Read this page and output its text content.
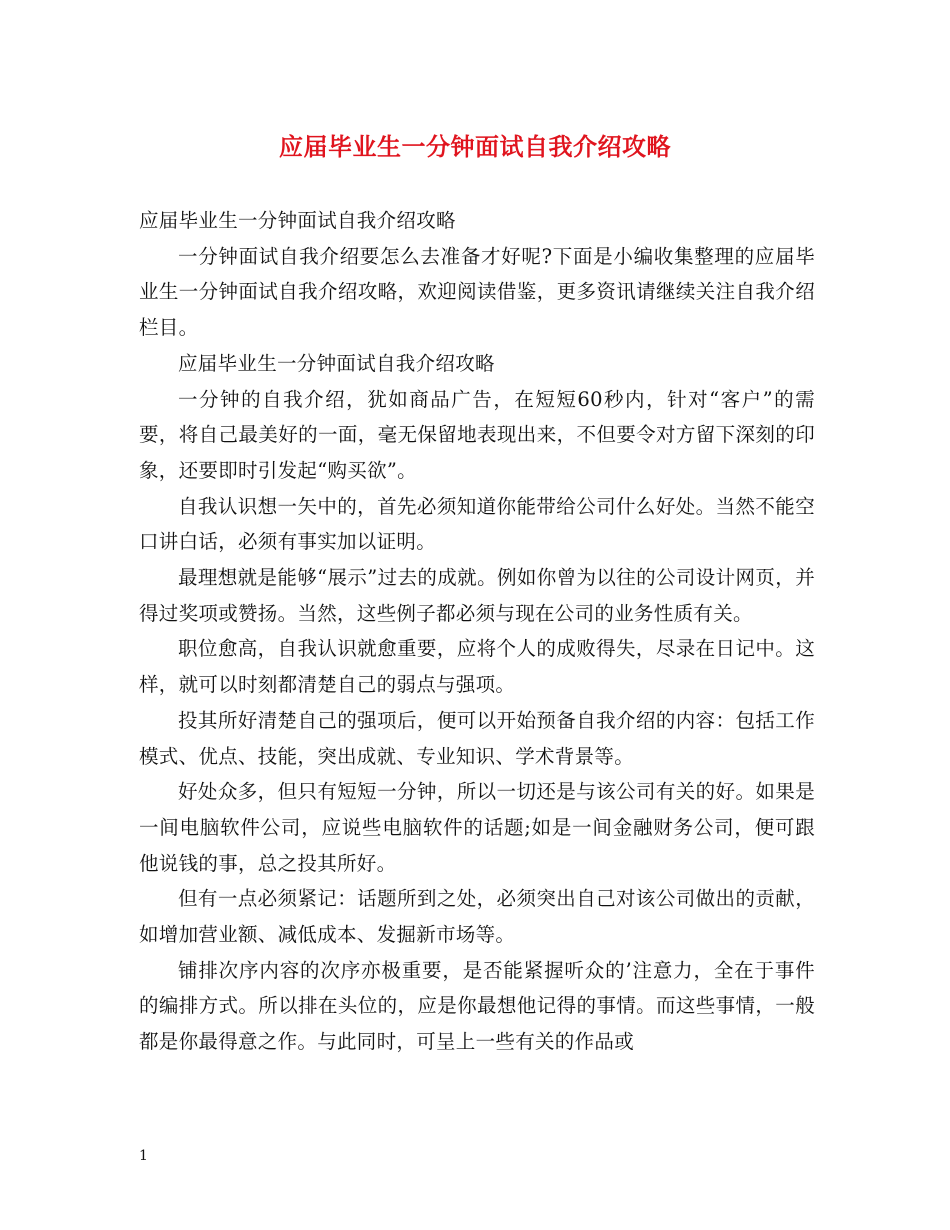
应届毕业生一分钟面试自我介绍攻略

应届毕业生一分钟面试自我介绍攻略

一分钟面试自我介绍要怎么去准备才好呢?下面是小编收集整理的应届毕业生一分钟面试自我介绍攻略，欢迎阅读借鉴，更多资讯请继续关注自我介绍栏目。

应届毕业生一分钟面试自我介绍攻略

一分钟的自我介绍，犹如商品广告，在短短60秒内，针对“客户”的需要，将自己最美好的一面，毫无保留地表现出来，不但要令对方留下深刻的印象，还要即时引发起“购买欲”。

自我认识想一矢中的，首先必须知道你能带给公司什么好处。当然不能空口讲白话，必须有事实加以证明。

最理想就是能够“展示”过去的成就。例如你曾为以往的公司设计网页，并得过奖项或赞扬。当然，这些例子都必须与现在公司的业务性质有关。

职位愈高，自我认识就愈重要，应将个人的成败得失，尽录在日记中。这样，就可以时刻都清楚自己的弱点与强项。

投其所好清楚自己的强项后，便可以开始预备自我介绍的内容：包括工作模式、优点、技能，突出成就、专业知识、学术背景等。

好处众多，但只有短短一分钟，所以一切还是与该公司有关的好。如果是一间电脑软件公司，应说些电脑软件的话题;如是一间金融财务公司，便可跟他说钱的事，总之投其所好。

但有一点必须紧记：话题所到之处，必须突出自己对该公司做出的贡献，如增加营业额、减低成本、发掘新市场等。

铺排次序内容的次序亦极重要，是否能紧握听众的’注意力，全在于事件的编排方式。所以排在头位的，应是你最想他记得的事情。而这些事情，一般都是你最得意之作。与此同时，可呈上一些有关的作品或

1
